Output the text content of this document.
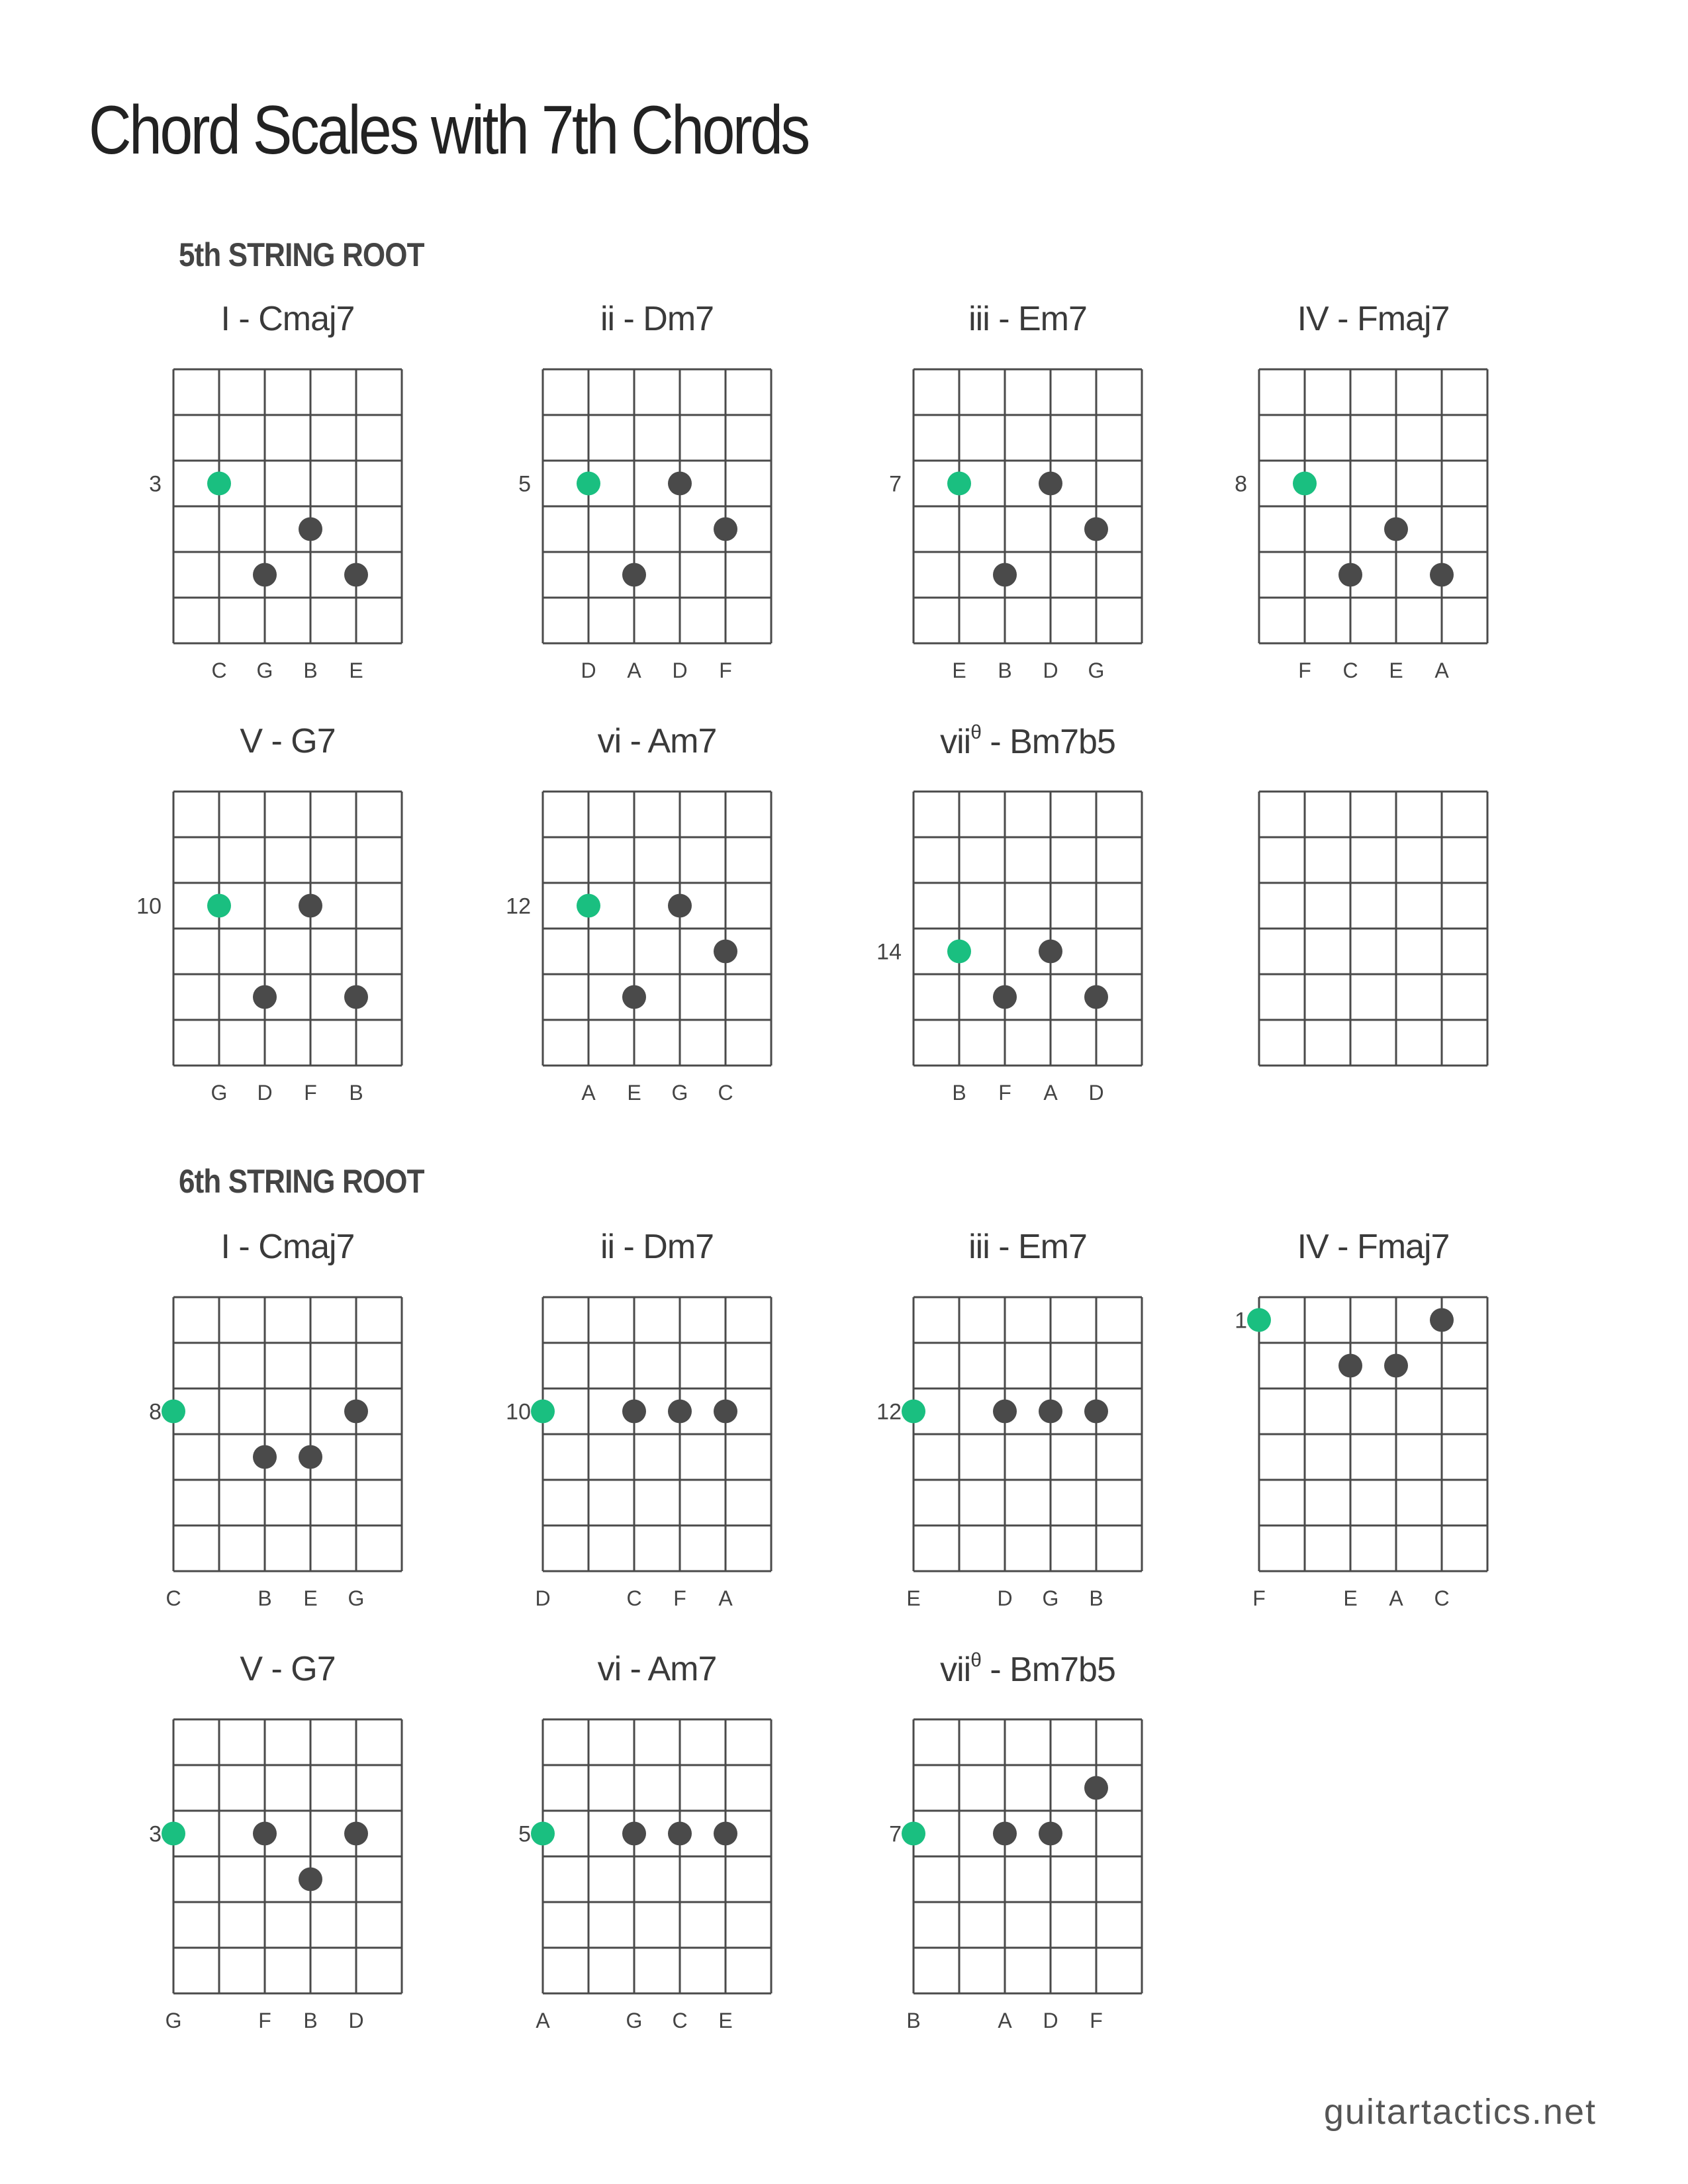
Chord Scales with 7th Chords
5th STRING ROOT
I - Cmaj7
3
C G B E
ii - Dm7
5
D A D F
iii - Em7
7
E B D G
IV - Fmaj7
8
F C E A
V - G7
10
G D F B
vi - Am7
12
A E G C
vii$^\theta$ - Bm7b5
14
B F A D
6th STRING ROOT
I - Cmaj7
8
C	B E G
ii - Dm7
10
D	C F A
iii - Em7
12
E	D G B
IV - Fmaj7
1
F	E A C
V - G7
3
G	F B D
vi - Am7
5
A	G C E
vii$^\theta$ - Bm7b5
7
B	A D F
guitartactics.net
